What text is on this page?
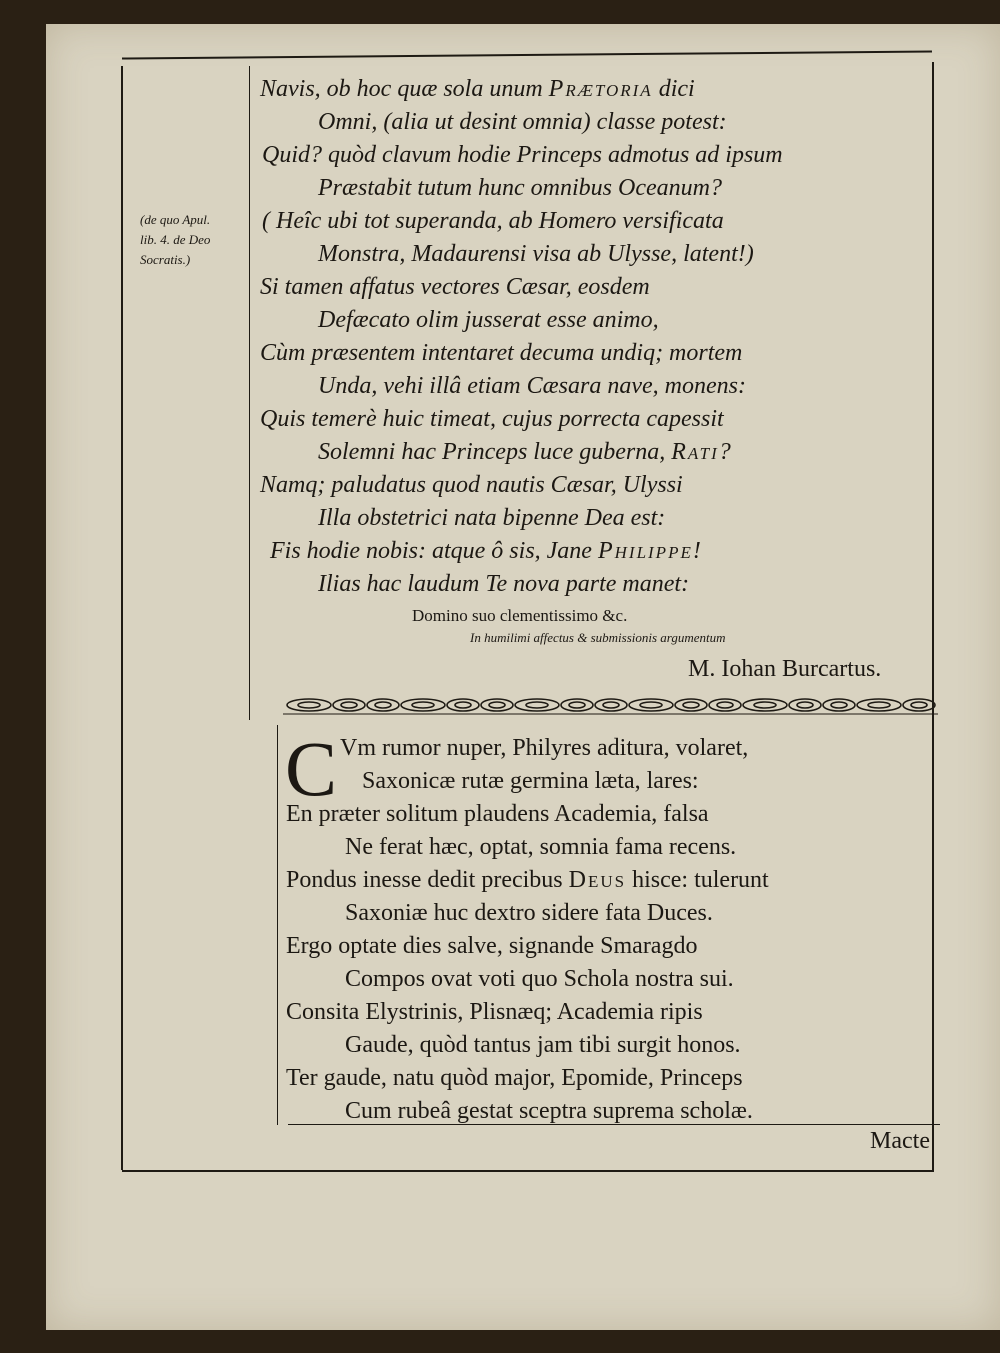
(de quo Apul.
lib. 4. de Deo
Socratis.)
Navis, ob hoc quæ sola unum Prætoria dici
Omni, (alia ut desint omnia) classe potest:
Quid? quòd clavum hodie Princeps admotus ad ipsum
Præstabit tutum hunc omnibus Oceanum?
( Heîc ubi tot superanda, ab Homero versificata
Monstra, Madaurensi visa ab Ulysse, latent!)
Si tamen affatus vectores Cæsar, eosdem
Defæcato olim jusserat esse animo,
Cùm præsentem intentaret decuma undiq; mortem
Unda, vehi illâ etiam Cæsara nave, monens:
Quis temerè huic timeat, cujus porrecta capessit
Solemni hac Princeps luce guberna, Rati?
Namq; paludatus quod nautis Cæsar, Ulyssi
Illa obstetrici nata bipenne Dea est:
Fis hodie nobis: atque ô sis, Jane Philippe!
Ilias hac laudum Te nova parte manet:
Domino suo clementissimo &c.
In humilimi affectus & submissionis argumentum
M. Iohan Burcartus.
C Vm rumor nuper, Philyres aditura, volaret,
Saxonicæ rutæ germina læta, lares:
En præter solitum plaudens Academia, falsa
Ne ferat hæc, optat, somnia fama recens.
Pondus inesse dedit precibus Deus hisce: tulerunt
Saxoniæ huc dextro sidere fata Duces.
Ergo optate dies salve, signande Smaragdo
Compos ovat voti quo Schola nostra sui.
Consita Elystrinis, Plisnæq; Academia ripis
Gaude, quòd tantus jam tibi surgit honos.
Ter gaude, natu quòd major, Epomide, Princeps
Cum rubeâ gestat sceptra suprema scholæ.
Macte
